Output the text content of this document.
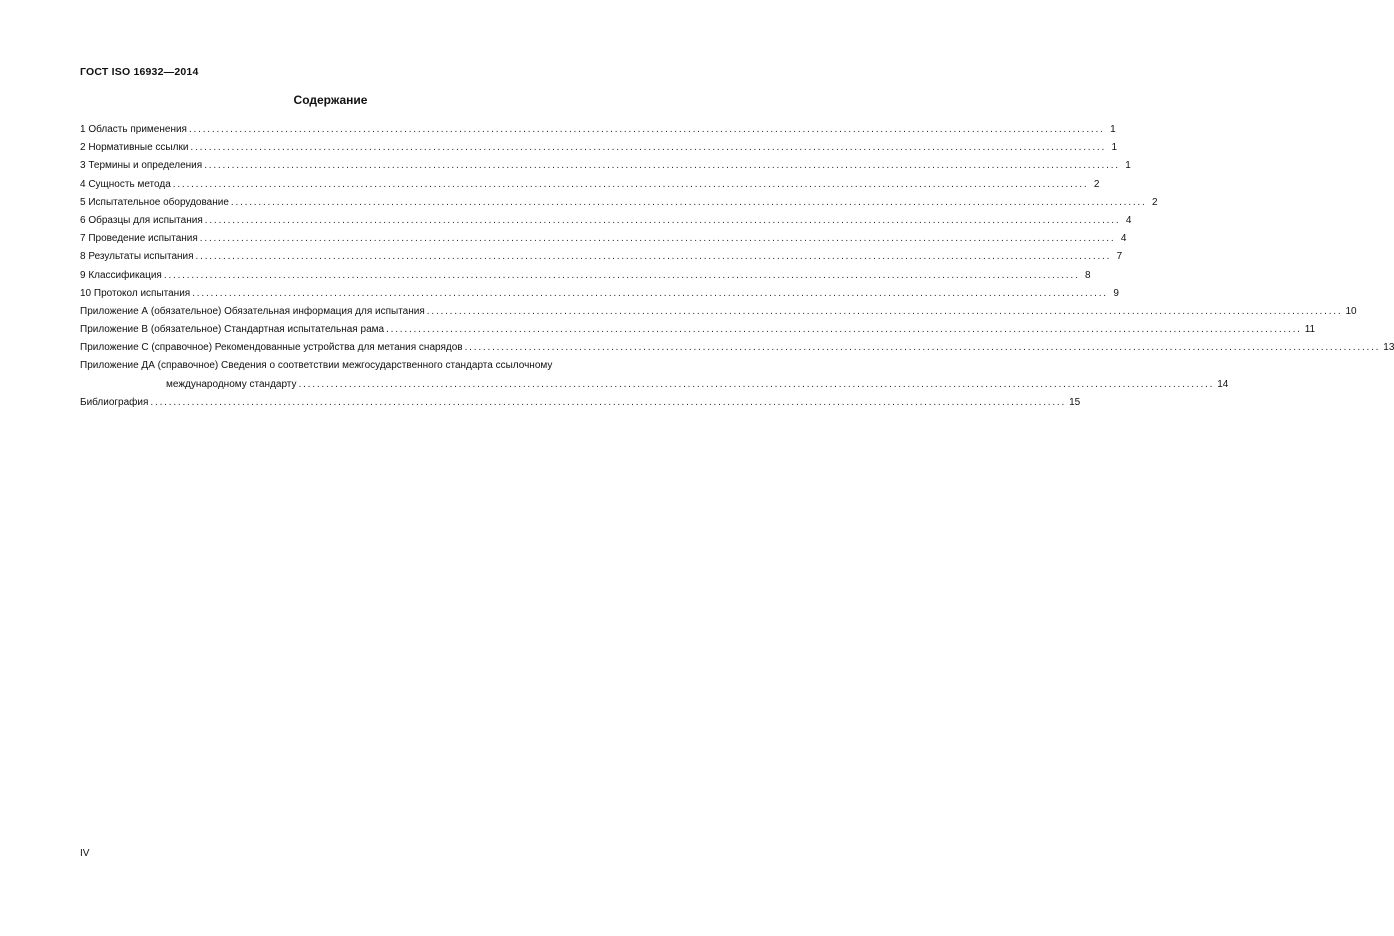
ГОСТ ISO 16932—2014
Содержание
1 Область применения ........................................................................................................................................................................................................ 1
2 Нормативные ссылки ........................................................................................................................................................................................................ 1
3 Термины и определения ........................................................................................................................................................................................................ 1
4 Сущность метода ........................................................................................................................................................................................................ 2
5 Испытательное оборудование ........................................................................................................................................................................................................ 2
6 Образцы для испытания ........................................................................................................................................................................................................ 4
7 Проведение испытания ........................................................................................................................................................................................................ 4
8 Результаты испытания ........................................................................................................................................................................................................ 7
9 Классификация ........................................................................................................................................................................................................ 8
10 Протокол испытания ........................................................................................................................................................................................................ 9
Приложение А (обязательное) Обязательная информация для испытания ........................................................................................................................................................................................................ 10
Приложение В (обязательное) Стандартная испытательная рама ........................................................................................................................................................................................................ 11
Приложение С (справочное) Рекомендованные устройства для метания снарядов ........................................................................................................................................................................................................ 13
Приложение ДА (справочное) Сведения о соответствии межгосударственного стандарта ссылочному
международному стандарту ........................................................................................................................................................................................................ 14
Библиография ........................................................................................................................................................................................................ 15
IV
